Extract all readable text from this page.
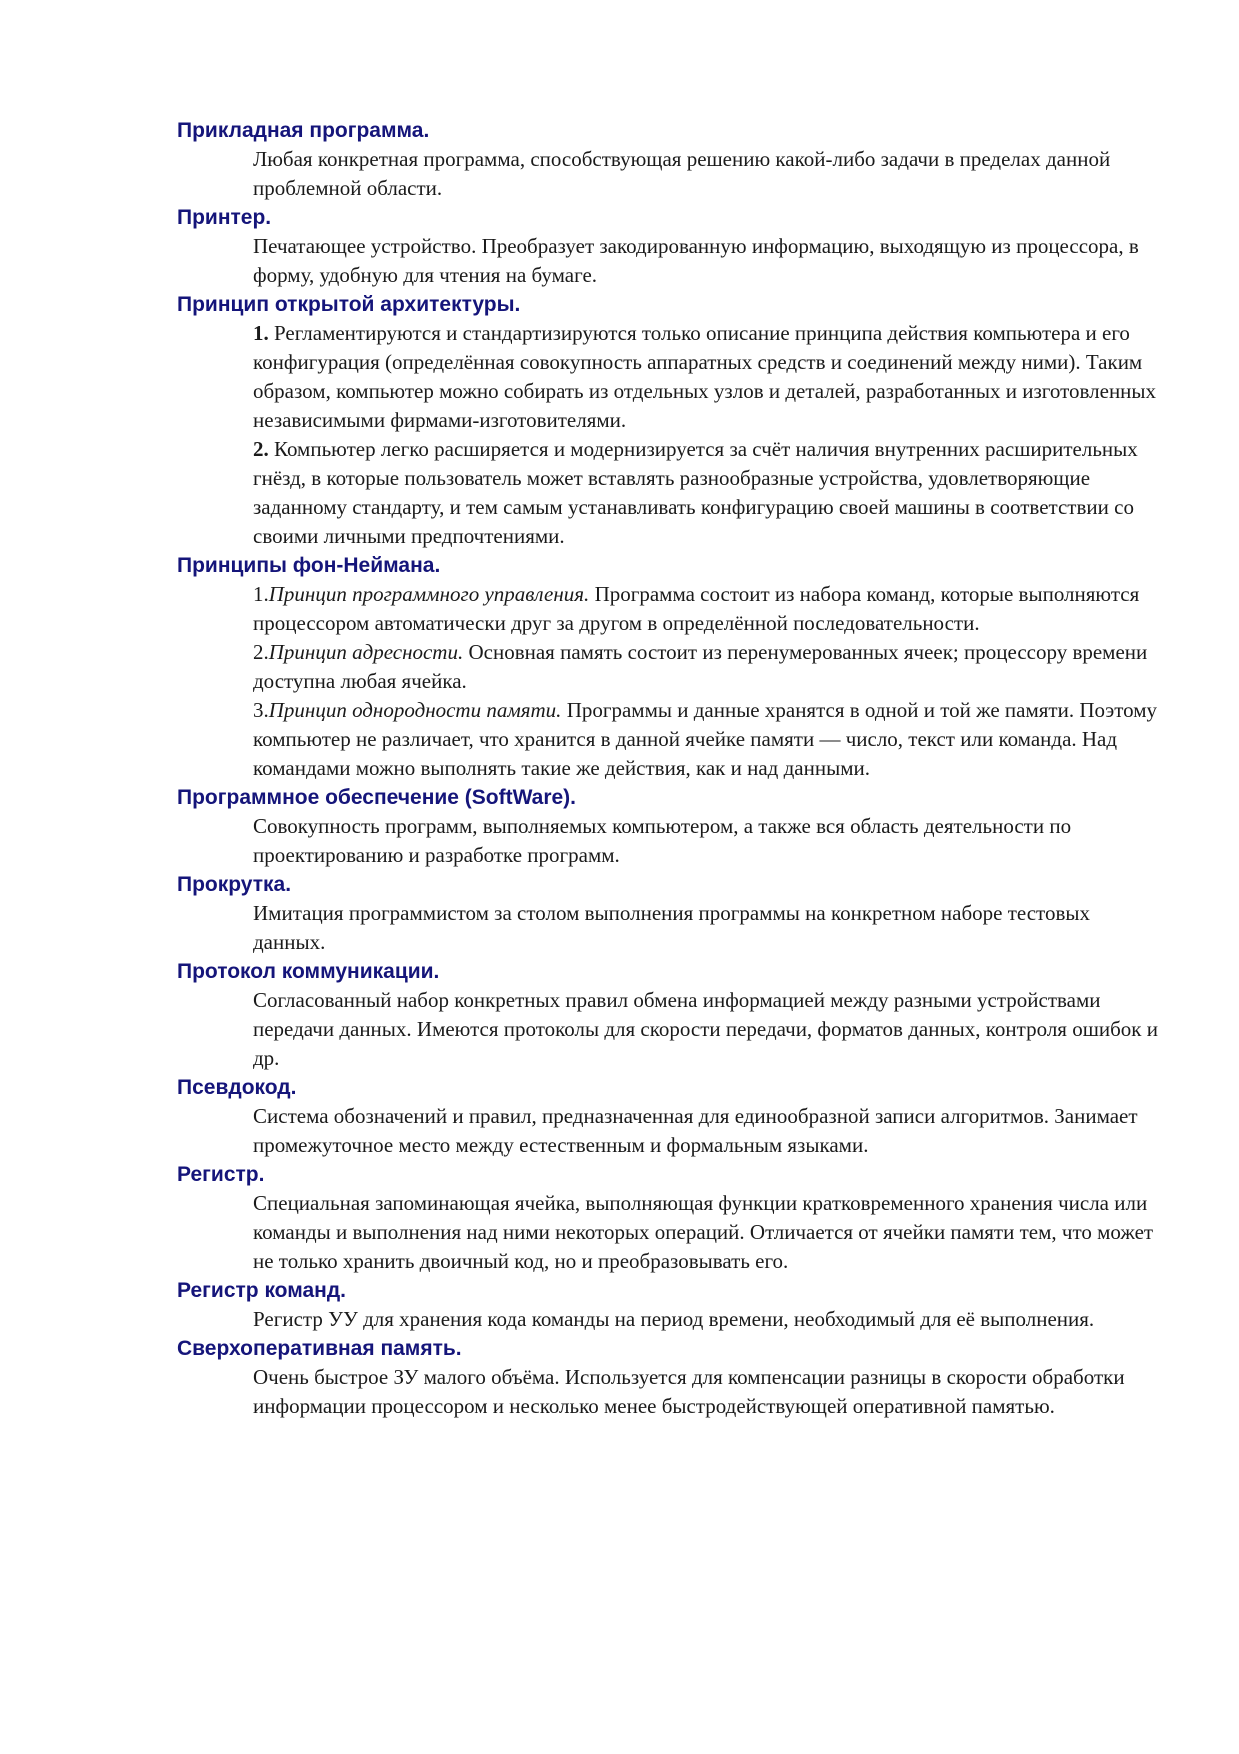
Прикладная программа.

Любая конкретная программа, способствующая решению какой-либо задачи в пределах данной проблемной области.

Принтер.

Печатающее устройство. Преобразует закодированную информацию, выходящую из процессора, в форму, удобную для чтения на бумаге.

Принцип открытой архитектуры.

1. Регламентируются и стандартизируются только описание принципа действия компьютера и его конфигурация (определённая совокупность аппаратных средств и соединений между ними). Таким образом, компьютер можно собирать из отдельных узлов и деталей, разработанных и изготовленных независимыми фирмами-изготовителями.

2. Компьютер легко расширяется и модернизируется за счёт наличия внутренних расширительных гнёзд, в которые пользователь может вставлять разнообразные устройства, удовлетворяющие заданному стандарту, и тем самым устанавливать конфигурацию своей машины в соответствии со своими личными предпочтениями.

Принципы фон-Неймана.

1.Принцип программного управления. Программа состоит из набора команд, которые выполняются процессором автоматически друг за другом в определённой последовательности.

2.Принцип адресности. Основная память состоит из перенумерованных ячеек; процессору времени доступна любая ячейка.

3.Принцип однородности памяти. Программы и данные хранятся в одной и той же памяти. Поэтому компьютер не различает, что хранится в данной ячейке памяти — число, текст или команда. Над командами можно выполнять такие же действия, как и над данными.

Программное обеспечение (SoftWare).

Совокупность программ, выполняемых компьютером, а также вся область деятельности по проектированию и разработке программ.

Прокрутка.

Имитация программистом за столом выполнения программы на конкретном наборе тестовых данных.

Протокол коммуникации.

Согласованный набор конкретных правил обмена информацией между разными устройствами передачи данных. Имеются протоколы для скорости передачи, форматов данных, контроля ошибок и др.

Псевдокод.

Система обозначений и правил, предназначенная для единообразной записи алгоритмов. Занимает промежуточное место между естественным и формальным языками.

Регистр.

Специальная запоминающая ячейка, выполняющая функции кратковременного хранения числа или команды и выполнения над ними некоторых операций. Отличается от ячейки памяти тем, что может не только хранить двоичный код, но и преобразовывать его.

Регистр команд.

Регистр УУ для хранения кода команды на период времени, необходимый для её выполнения.

Сверхоперативная память.

Очень быстрое ЗУ малого объёма. Используется для компенсации разницы в скорости обработки информации процессором и несколько менее быстродействующей оперативной памятью.
